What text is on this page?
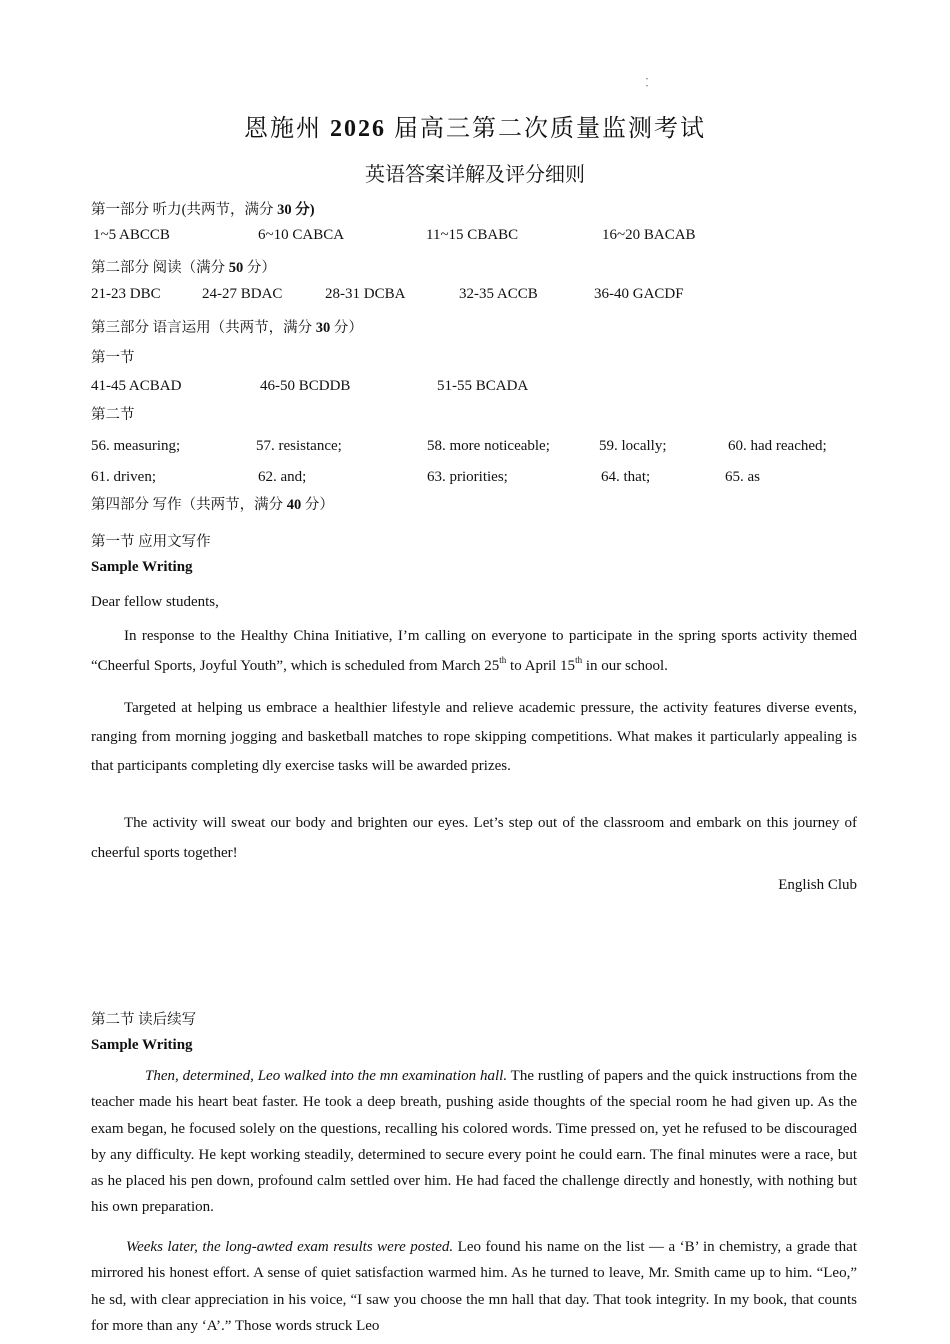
"
"
恩施州 2026 届高三第二次质量监测考试
英语答案详解及评分细则
第一部分 听力(共两节，满分 30 分)
1~5 ABCCB	6~10 CABCA	11~15 CBABC	16~20 BACAB
第二部分 阅读（满分 50 分）
21-23 DBC	24-27 BDAC	28-31 DCBA	32-35 ACCB	36-40 GACDF
第三部分 语言运用（共两节，满分 30 分）
第一节
41-45 ACBAD	46-50 BCDDB	51-55 BCADA
第二节
56. measuring;	57. resistance;	58. more noticeable;	59. locally;	60. had reached;
61. driven;	62. and;	63. priorities;	64. that;	65. as
第四部分 写作（共两节，满分 40 分）
第一节 应用文写作
Sample Writing
Dear fellow students,
In response to the Healthy China Initiative, I’m calling on everyone to participate in the spring sports activity themed “Cheerful Sports, Joyful Youth”, which is scheduled from March 25th to April 15th in our school.
Targeted at helping us embrace a healthier lifestyle and relieve academic pressure, the activity features diverse events, ranging from morning jogging and basketball matches to rope skipping competitions. What makes it particularly appealing is that participants completing dly exercise tasks will be awarded prizes.
The activity will sweat our body and brighten our eyes. Let’s step out of the classroom and embark on this journey of cheerful sports together!
English Club
第二节 读后续写
Sample Writing
Then, determined, Leo walked into the mn examination hall. The rustling of papers and the quick instructions from the teacher made his heart beat faster. He took a deep breath, pushing aside thoughts of the special room he had given up. As the exam began, he focused solely on the questions, recalling his colored words. Time pressed on, yet he refused to be discouraged by any difficulty. He kept working steadily, determined to secure every point he could earn. The final minutes were a race, but as he placed his pen down, profound calm settled over him. He had faced the challenge directly and honestly, with nothing but his own preparation.
Weeks later, the long-awted exam results were posted. Leo found his name on the list — a ‘B’ in chemistry, a grade that mirrored his honest effort. A sense of quiet satisfaction warmed him. As he turned to leave, Mr. Smith came up to him. “Leo,” he sd, with clear appreciation in his voice, “I saw you choose the mn hall that day. That took integrity. In my book, that counts for more than any ‘A’.” Those words struck Leo
